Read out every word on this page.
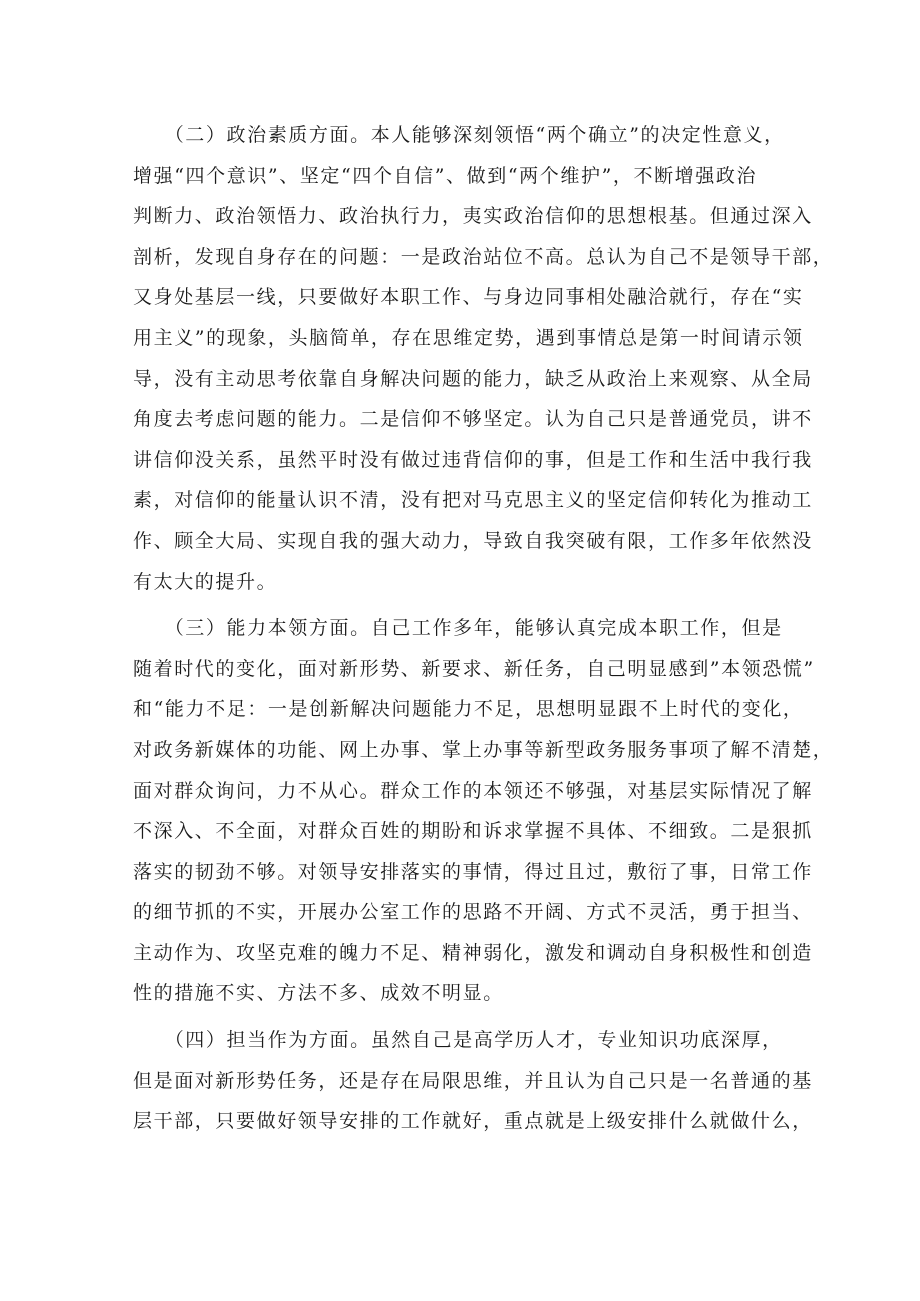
　　（二）政治素质方面。本人能够深刻领悟“两个确立”的决定性意义，
增强“四个意识”、坚定“四个自信”、做到“两个维护”，不断增强政治
判断力、政治领悟力、政治执行力，夷实政治信仰的思想根基。但通过深入
剖析，发现自身存在的问题：一是政治站位不高。总认为自己不是领导干部，
又身处基层一线，只要做好本职工作、与身边同事相处融洽就行，存在“实
用主义”的现象，头脑简单，存在思维定势，遇到事情总是第一时间请示领
导，没有主动思考依靠自身解决问题的能力，缺乏从政治上来观察、从全局
角度去考虑问题的能力。二是信仰不够坚定。认为自己只是普通党员，讲不
讲信仰没关系，虽然平时没有做过违背信仰的事，但是工作和生活中我行我
素，对信仰的能量认识不清，没有把对马克思主义的坚定信仰转化为推动工
作、顾全大局、实现自我的强大动力，导致自我突破有限，工作多年依然没
有太大的提升。
　　（三）能力本领方面。自己工作多年，能够认真完成本职工作，但是
随着时代的变化，面对新形势、新要求、新任务，自己明显感到”本领恐慌”
和“能力不足：一是创新解决问题能力不足，思想明显跟不上时代的变化，
对政务新媒体的功能、网上办事、掌上办事等新型政务服务事项了解不清楚，
面对群众询问，力不从心。群众工作的本领还不够强，对基层实际情况了解
不深入、不全面，对群众百姓的期盼和诉求掌握不具体、不细致。二是狠抓
落实的韧劲不够。对领导安排落实的事情，得过且过，敷衍了事，日常工作
的细节抓的不实，开展办公室工作的思路不开阔、方式不灵活，勇于担当、
主动作为、攻坚克难的魄力不足、精神弱化，激发和调动自身积极性和创造
性的措施不实、方法不多、成效不明显。
　　（四）担当作为方面。虽然自己是高学历人才，专业知识功底深厚，
但是面对新形势任务，还是存在局限思维，并且认为自己只是一名普通的基
层干部，只要做好领导安排的工作就好，重点就是上级安排什么就做什么，
